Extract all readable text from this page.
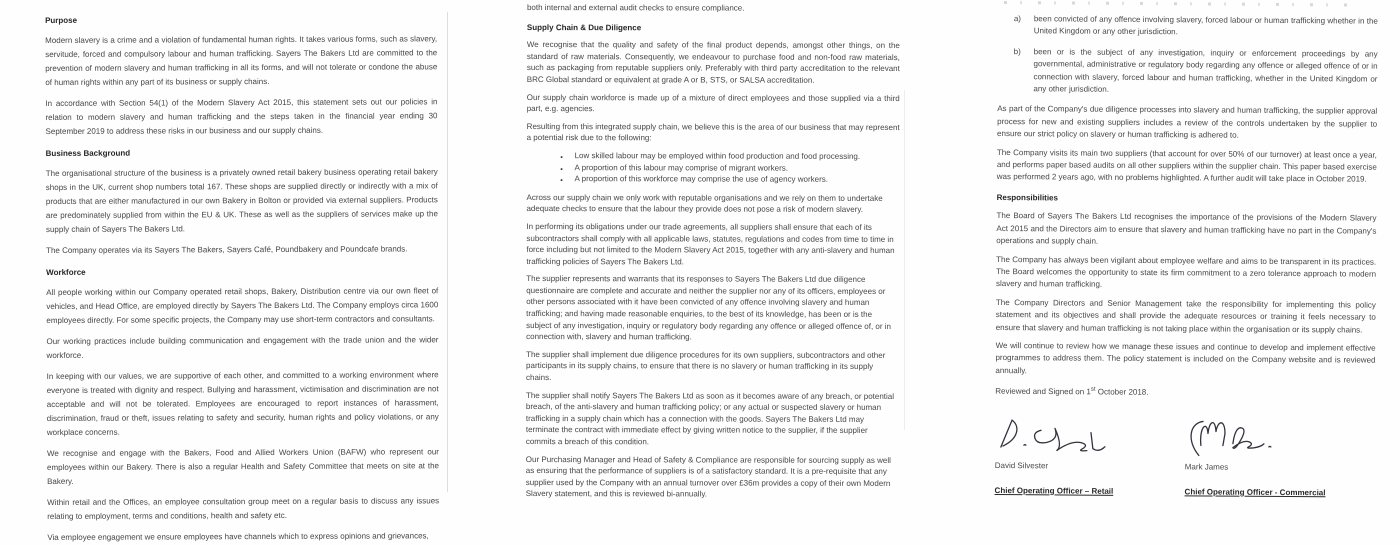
Purpose

Modern slavery is a crime and a violation of fundamental human rights. It takes various forms, such as slavery, servitude, forced and compulsory labour and human trafficking. Sayers The Bakers Ltd are committed to the prevention of modern slavery and human trafficking in all its forms, and will not tolerate or condone the abuse of human rights within any part of its business or supply chains.

In accordance with Section 54(1) of the Modern Slavery Act 2015, this statement sets out our policies in relation to modern slavery and human trafficking and the steps taken in the financial year ending 30 September 2019 to address these risks in our business and our supply chains.

Business Background

The organisational structure of the business is a privately owned retail bakery business operating retail bakery shops in the UK, current shop numbers total 167. These shops are supplied directly or indirectly with a mix of products that are either manufactured in our own Bakery in Bolton or provided via external suppliers. Products are predominately supplied from within the EU & UK. These as well as the suppliers of services make up the supply chain of Sayers The Bakers Ltd.

The Company operates via its Sayers The Bakers, Sayers Café, Poundbakery and Poundcafe brands.

Workforce

All people working within our Company operated retail shops, Bakery, Distribution centre via our own fleet of vehicles, and Head Office, are employed directly by Sayers The Bakers Ltd. The Company employs circa 1600 employees directly. For some specific projects, the Company may use short-term contractors and consultants.

Our working practices include building communication and engagement with the trade union and the wider workforce.

In keeping with our values, we are supportive of each other, and committed to a working environment where everyone is treated with dignity and respect. Bullying and harassment, victimisation and discrimination are not acceptable and will not be tolerated. Employees are encouraged to report instances of harassment, discrimination, fraud or theft, issues relating to safety and security, human rights and policy violations, or any workplace concerns.

We recognise and engage with the Bakers, Food and Allied Workers Union (BAFW) who represent our employees within our Bakery. There is also a regular Health and Safety Committee that meets on site at the Bakery.

Within retail and the Offices, an employee consultation group meet on a regular basis to discuss any issues relating to employment, terms and conditions, health and safety etc.

Via employee engagement we ensure employees have channels which to express opinions and grievances,

both internal and external audit checks to ensure compliance.

Supply Chain & Due Diligence

We recognise that the quality and safety of the final product depends, amongst other things, on the standard of raw materials. Consequently, we endeavour to purchase food and non-food raw materials, such as packaging from reputable suppliers only. Preferably with third party accreditation to the relevant BRC Global standard or equivalent at grade A or B, STS, or SALSA accreditation.

Our supply chain workforce is made up of a mixture of direct employees and those supplied via a third part, e.g. agencies.

Resulting from this integrated supply chain, we believe this is the area of our business that may represent a potential risk due to the following:

• Low skilled labour may be employed within food production and food processing.
• A proportion of this labour may comprise of migrant workers.
• A proportion of this workforce may comprise the use of agency workers.

Across our supply chain we only work with reputable organisations and we rely on them to undertake adequate checks to ensure that the labour they provide does not pose a risk of modern slavery.

In performing its obligations under our trade agreements, all suppliers shall ensure that each of its subcontractors shall comply with all applicable laws, statutes, regulations and codes from time to time in force including but not limited to the Modern Slavery Act 2015, together with any anti-slavery and human trafficking policies of Sayers The Bakers Ltd.

The supplier represents and warrants that its responses to Sayers The Bakers Ltd due diligence questionnaire are complete and accurate and neither the supplier nor any of its officers, employees or other persons associated with it have been convicted of any offence involving slavery and human trafficking; and having made reasonable enquiries, to the best of its knowledge, has been or is the subject of any investigation, inquiry or regulatory body regarding any offence or alleged offence of, or in connection with, slavery and human trafficking.

The supplier shall implement due diligence procedures for its own suppliers, subcontractors and other participants in its supply chains, to ensure that there is no slavery or human trafficking in its supply chains.

The supplier shall notify Sayers The Bakers Ltd as soon as it becomes aware of any breach, or potential breach, of the anti-slavery and human trafficking policy; or any actual or suspected slavery or human trafficking in a supply chain which has a connection with the goods. Sayers The Bakers Ltd may terminate the contract with immediate effect by giving written notice to the supplier, if the supplier commits a breach of this condition.

Our Purchasing Manager and Head of Safety & Compliance are responsible for sourcing supply as well as ensuring that the performance of suppliers is of a satisfactory standard. It is a pre-requisite that any supplier used by the Company with an annual turnover over £36m provides a copy of their own Modern Slavery statement, and this is reviewed bi-annually.

a)	been convicted of any offence involving slavery, forced labour or human trafficking whether in the United Kingdom or any other jurisdiction.
b)	been or is the subject of any investigation, inquiry or enforcement proceedings by any governmental, administrative or regulatory body regarding any offence or alleged offence of or in connection with slavery, forced labour and human trafficking, whether in the United Kingdom or any other jurisdiction.

As part of the Company's due diligence processes into slavery and human trafficking, the supplier approval process for new and existing suppliers includes a review of the controls undertaken by the supplier to ensure our strict policy on slavery or human trafficking is adhered to.

The Company visits its main two suppliers (that account for over 50% of our turnover) at least once a year, and performs paper based audits on all other suppliers within the supplier chain. This paper based exercise was performed 2 years ago, with no problems highlighted. A further audit will take place in October 2019.

Responsibilities

The Board of Sayers The Bakers Ltd recognises the importance of the provisions of the Modern Slavery Act 2015 and the Directors aim to ensure that slavery and human trafficking have no part in the Company's operations and supply chain.

The Company has always been vigilant about employee welfare and aims to be transparent in its practices. The Board welcomes the opportunity to state its firm commitment to a zero tolerance approach to modern slavery and human trafficking.

The Company Directors and Senior Management take the responsibility for implementing this policy statement and its objectives and shall provide the adequate resources or training it feels necessary to ensure that slavery and human trafficking is not taking place within the organisation or its supply chains.

We will continue to review how we manage these issues and continue to develop and implement effective programmes to address them. The policy statement is included on the Company website and is reviewed annually.

Reviewed and Signed on 1st October 2018.

David Silvester
Chief Operating Officer – Retail
Mark James
Chief Operating Officer - Commercial
